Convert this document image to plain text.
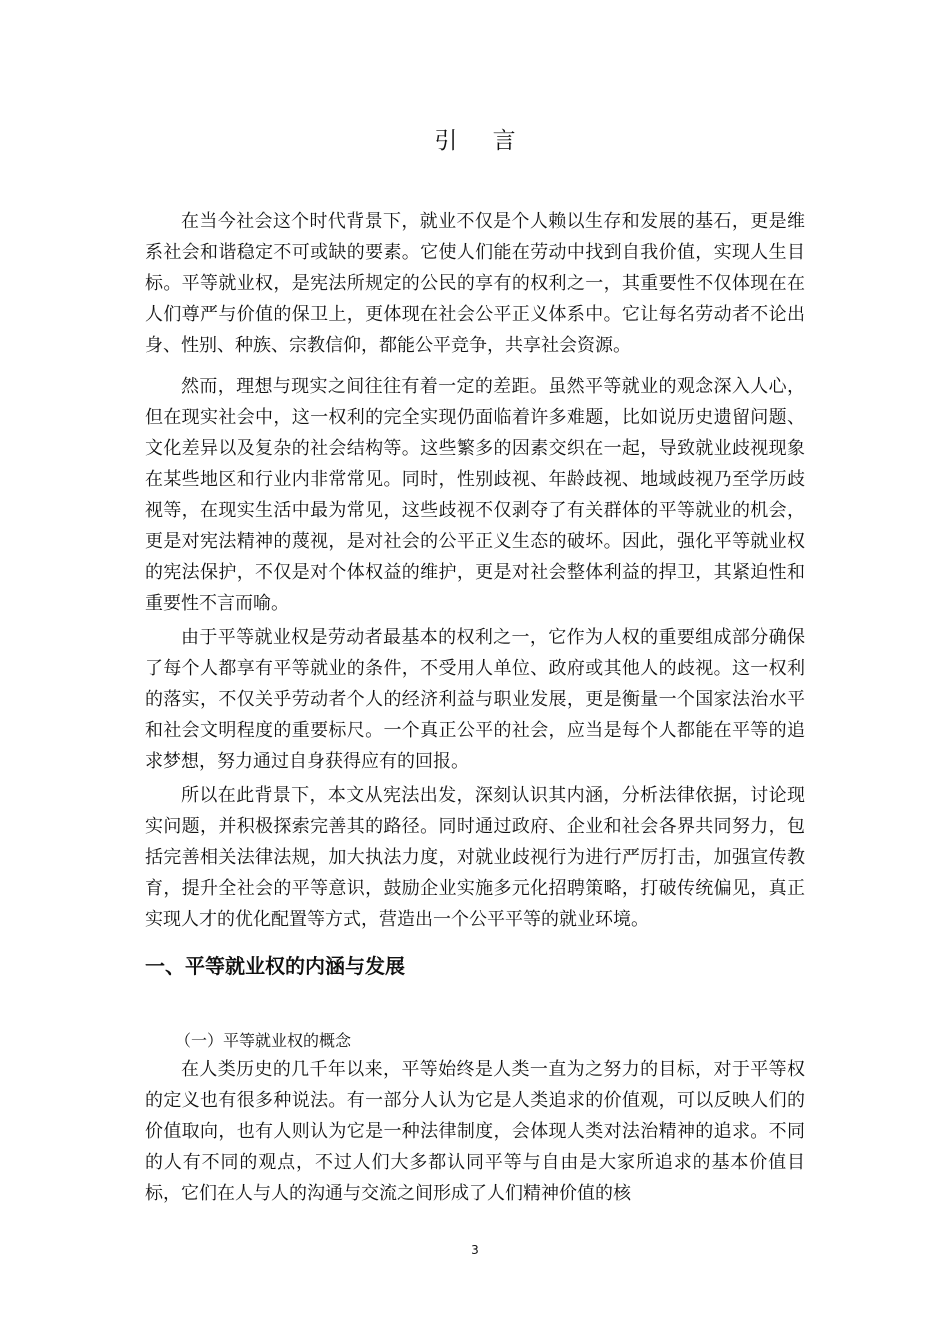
引 言

在当今社会这个时代背景下，就业不仅是个人赖以生存和发展的基石，更是维系社会和谐稳定不可或缺的要素。它使人们能在劳动中找到自我价值，实现人生目标。平等就业权，是宪法所规定的公民的享有的权利之一，其重要性不仅体现在在人们尊严与价值的保卫上，更体现在社会公平正义体系中。它让每名劳动者不论出身、性别、种族、宗教信仰，都能公平竞争，共享社会资源。

然而，理想与现实之间往往有着一定的差距。虽然平等就业的观念深入人心，但在现实社会中，这一权利的完全实现仍面临着许多难题，比如说历史遗留问题、文化差异以及复杂的社会结构等。这些繁多的因素交织在一起，导致就业歧视现象在某些地区和行业内非常常见。同时，性别歧视、年龄歧视、地域歧视乃至学历歧视等，在现实生活中最为常见，这些歧视不仅剥夺了有关群体的平等就业的机会，更是对宪法精神的蔑视，是对社会的公平正义生态的破坏。因此，强化平等就业权的宪法保护，不仅是对个体权益的维护，更是对社会整体利益的捍卫，其紧迫性和重要性不言而喻。

由于平等就业权是劳动者最基本的权利之一，它作为人权的重要组成部分确保了每个人都享有平等就业的条件，不受用人单位、政府或其他人的歧视。这一权利的落实，不仅关乎劳动者个人的经济利益与职业发展，更是衡量一个国家法治水平和社会文明程度的重要标尺。一个真正公平的社会，应当是每个人都能在平等的追求梦想，努力通过自身获得应有的回报。

所以在此背景下，本文从宪法出发，深刻认识其内涵，分析法律依据，讨论现实问题，并积极探索完善其的路径。同时通过政府、企业和社会各界共同努力，包括完善相关法律法规，加大执法力度，对就业歧视行为进行严厉打击，加强宣传教育，提升全社会的平等意识，鼓励企业实施多元化招聘策略，打破传统偏见，真正实现人才的优化配置等方式，营造出一个公平平等的就业环境。

一、平等就业权的内涵与发展
（一）平等就业权的概念

在人类历史的几千年以来，平等始终是人类一直为之努力的目标，对于平等权的定义也有很多种说法。有一部分人认为它是人类追求的价值观，可以反映人们的价值取向，也有人则认为它是一种法律制度，会体现人类对法治精神的追求。不同的人有不同的观点，不过人们大多都认同平等与自由是大家所追求的基本价值目标，它们在人与人的沟通与交流之间形成了人们精神价值的核

3
